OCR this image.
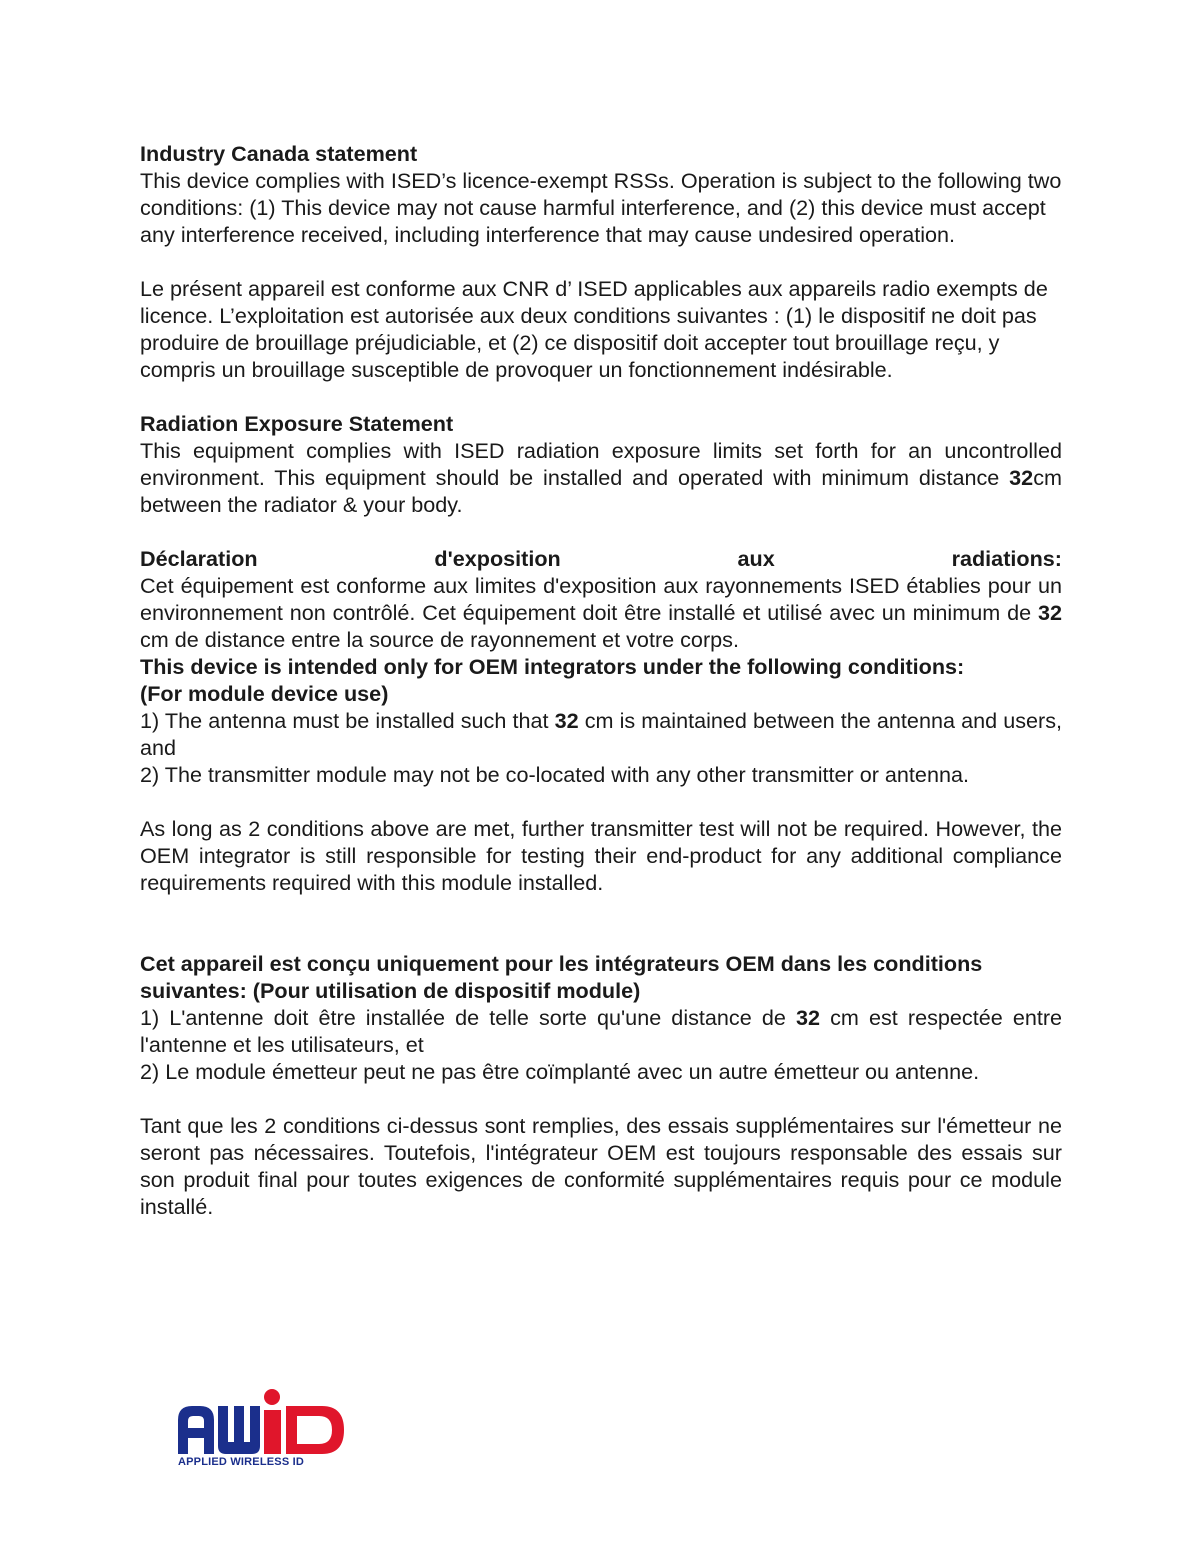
Industry Canada statement

This device complies with ISED’s licence-exempt RSSs. Operation is subject to the following two conditions: (1) This device may not cause harmful interference, and (2) this device must accept any interference received, including interference that may cause undesired operation.

Le présent appareil est conforme aux CNR d’ ISED applicables aux appareils radio exempts de licence. L’exploitation est autorisée aux deux conditions suivantes : (1) le dispositif ne doit pas produire de brouillage préjudiciable, et (2) ce dispositif doit accepter tout brouillage reçu, y compris un brouillage susceptible de provoquer un fonctionnement indésirable.

Radiation Exposure Statement

This equipment complies with ISED radiation exposure limits set forth for an uncontrolled environment. This equipment should be installed and operated with minimum distance 32cm between the radiator & your body.

Déclaration	d'exposition	aux	radiations:

Cet équipement est conforme aux limites d'exposition aux rayonnements ISED établies pour un environnement non contrôlé. Cet équipement doit être installé et utilisé avec un minimum de 32 cm de distance entre la source de rayonnement et votre corps.

This device is intended only for OEM integrators under the following conditions:

(For module device use)

1) The antenna must be installed such that 32 cm is maintained between the antenna and users, and

2) The transmitter module may not be co-located with any other transmitter or antenna.

As long as 2 conditions above are met, further transmitter test will not be required. However, the OEM integrator is still responsible for testing their end-product for any additional compliance requirements required with this module installed.

Cet appareil est conçu uniquement pour les intégrateurs OEM dans les conditions suivantes: (Pour utilisation de dispositif module)

1) L'antenne doit être installée de telle sorte qu'une distance de 32 cm est respectée entre l'antenne et les utilisateurs, et

2) Le module émetteur peut ne pas être coïmplanté avec un autre émetteur ou antenne.

Tant que les 2 conditions ci-dessus sont remplies, des essais supplémentaires sur l'émetteur ne seront pas nécessaires. Toutefois, l'intégrateur OEM est toujours responsable des essais sur son produit final pour toutes exigences de conformité supplémentaires requis pour ce module installé.

APPLIED WIRELESS ID
